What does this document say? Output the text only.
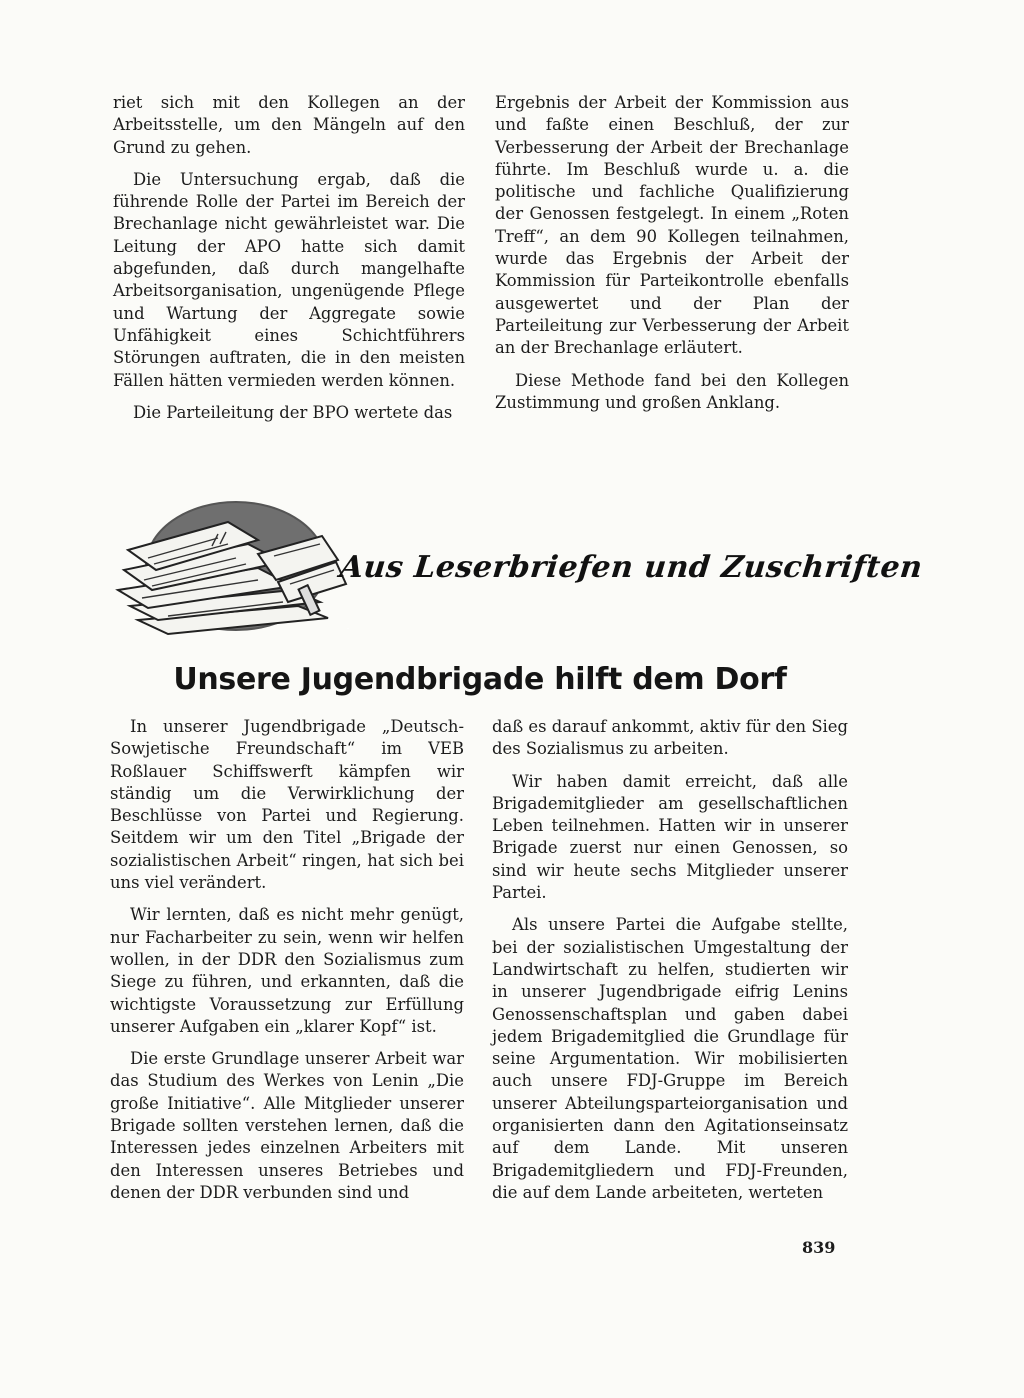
riet sich mit den Kollegen an der Arbeitsstelle, um den Mängeln auf den Grund zu gehen.

Die Untersuchung ergab, daß die führende Rolle der Partei im Bereich der Brechanlage nicht gewährleistet war. Die Leitung der APO hatte sich damit abgefunden, daß durch mangelhafte Arbeitsorganisation, ungenügende Pflege und Wartung der Aggregate sowie Unfähigkeit eines Schichtführers Störungen auftraten, die in den meisten Fällen hätten vermieden werden können.

Die Parteileitung der BPO wertete das

Ergebnis der Arbeit der Kommission aus und faßte einen Beschluß, der zur Verbesserung der Arbeit der Brechanlage führte. Im Beschluß wurde u. a. die politische und fachliche Qualifizierung der Genossen festgelegt. In einem „Roten Treff“, an dem 90 Kollegen teilnahmen, wurde das Ergebnis der Arbeit der Kommission für Parteikontrolle ebenfalls ausgewertet und der Plan der Parteileitung zur Verbesserung der Arbeit an der Brechanlage erläutert.

Diese Methode fand bei den Kollegen Zustimmung und großen Anklang.

Aus Leserbriefen und Zuschriften
Unsere Jugendbrigade hilft dem Dorf

In unserer Jugendbrigade „Deutsch-Sowjetische Freundschaft“ im VEB Roßlauer Schiffswerft kämpfen wir ständig um die Verwirklichung der Beschlüsse von Partei und Regierung. Seitdem wir um den Titel „Brigade der sozialistischen Arbeit“ ringen, hat sich bei uns viel verändert.

Wir lernten, daß es nicht mehr genügt, nur Facharbeiter zu sein, wenn wir helfen wollen, in der DDR den Sozialismus zum Siege zu führen, und erkannten, daß die wichtigste Voraussetzung zur Erfüllung unserer Aufgaben ein „klarer Kopf“ ist.

Die erste Grundlage unserer Arbeit war das Studium des Werkes von Lenin „Die große Initiative“. Alle Mitglieder unserer Brigade sollten verstehen lernen, daß die Interessen jedes einzelnen Arbeiters mit den Interessen unseres Betriebes und denen der DDR verbunden sind und

daß es darauf ankommt, aktiv für den Sieg des Sozialismus zu arbeiten.

Wir haben damit erreicht, daß alle Brigademitglieder am gesellschaftlichen Leben teilnehmen. Hatten wir in unserer Brigade zuerst nur einen Genossen, so sind wir heute sechs Mitglieder unserer Partei.

Als unsere Partei die Aufgabe stellte, bei der sozialistischen Umgestaltung der Landwirtschaft zu helfen, studierten wir in unserer Jugendbrigade eifrig Lenins Genossenschaftsplan und gaben dabei jedem Brigademitglied die Grundlage für seine Argumentation. Wir mobilisierten auch unsere FDJ-Gruppe im Bereich unserer Abteilungsparteiorganisation und organisierten dann den Agitationseinsatz auf dem Lande. Mit unseren Brigademitgliedern und FDJ-Freunden, die auf dem Lande arbeiteten, werteten

839
